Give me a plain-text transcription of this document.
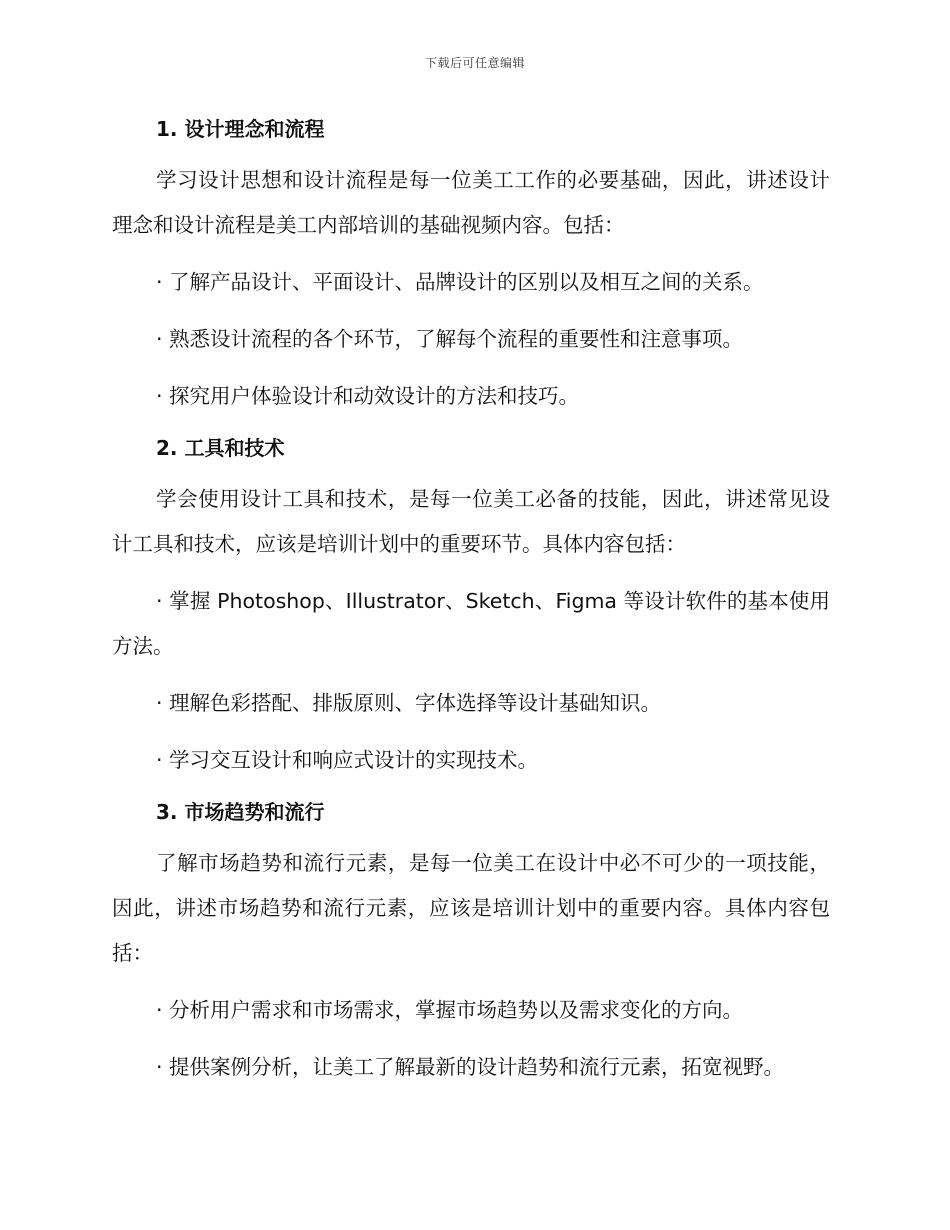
下载后可任意编辑
1. 设计理念和流程

学习设计思想和设计流程是每一位美工工作的必要基础，因此，讲述设计理念和设计流程是美工内部培训的基础视频内容。包括：

· 了解产品设计、平面设计、品牌设计的区别以及相互之间的关系。

· 熟悉设计流程的各个环节，了解每个流程的重要性和注意事项。

· 探究用户体验设计和动效设计的方法和技巧。

2. 工具和技术

学会使用设计工具和技术，是每一位美工必备的技能，因此，讲述常见设计工具和技术，应该是培训计划中的重要环节。具体内容包括：

· 掌握 Photoshop、Illustrator、Sketch、Figma 等设计软件的基本使用方法。

· 理解色彩搭配、排版原则、字体选择等设计基础知识。

· 学习交互设计和响应式设计的实现技术。

3. 市场趋势和流行

了解市场趋势和流行元素，是每一位美工在设计中必不可少的一项技能，因此，讲述市场趋势和流行元素，应该是培训计划中的重要内容。具体内容包括：

· 分析用户需求和市场需求，掌握市场趋势以及需求变化的方向。

· 提供案例分析，让美工了解最新的设计趋势和流行元素，拓宽视野。
